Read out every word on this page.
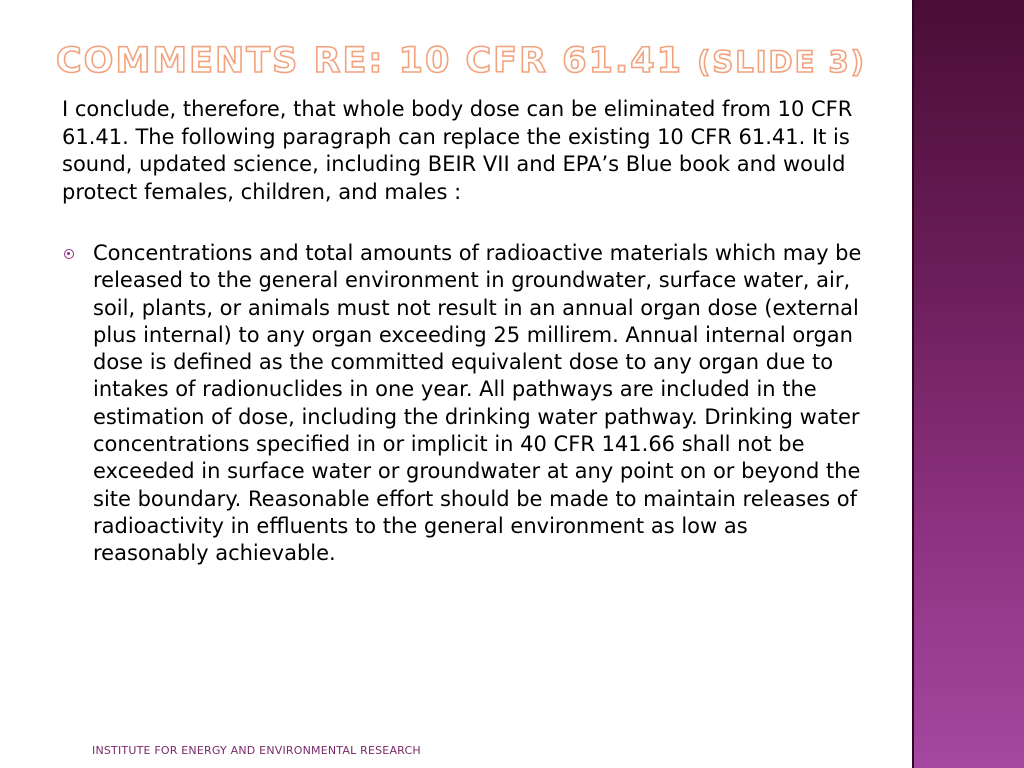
COMMENTS RE: 10 CFR 61.41 (SLIDE 3)

I conclude, therefore, that whole body dose can be eliminated from 10 CFR 61.41. The following paragraph can replace the existing 10 CFR 61.41. It is sound, updated science, including BEIR VII and EPA’s Blue book and would protect females, children, and males :

Concentrations and total amounts of radioactive materials which may be released to the general environment in groundwater, surface water, air, soil, plants, or animals must not result in an annual organ dose (external plus internal) to any organ exceeding 25 millirem. Annual internal organ dose is defined as the committed equivalent dose to any organ due to intakes of radionuclides in one year. All pathways are included in the estimation of dose, including the drinking water pathway. Drinking water concentrations specified in or implicit in 40 CFR 141.66 shall not be exceeded in surface water or groundwater at any point on or beyond the site boundary. Reasonable effort should be made to maintain releases of radioactivity in effluents to the general environment as low as reasonably achievable.

INSTITUTE FOR ENERGY AND ENVIRONMENTAL RESEARCH
